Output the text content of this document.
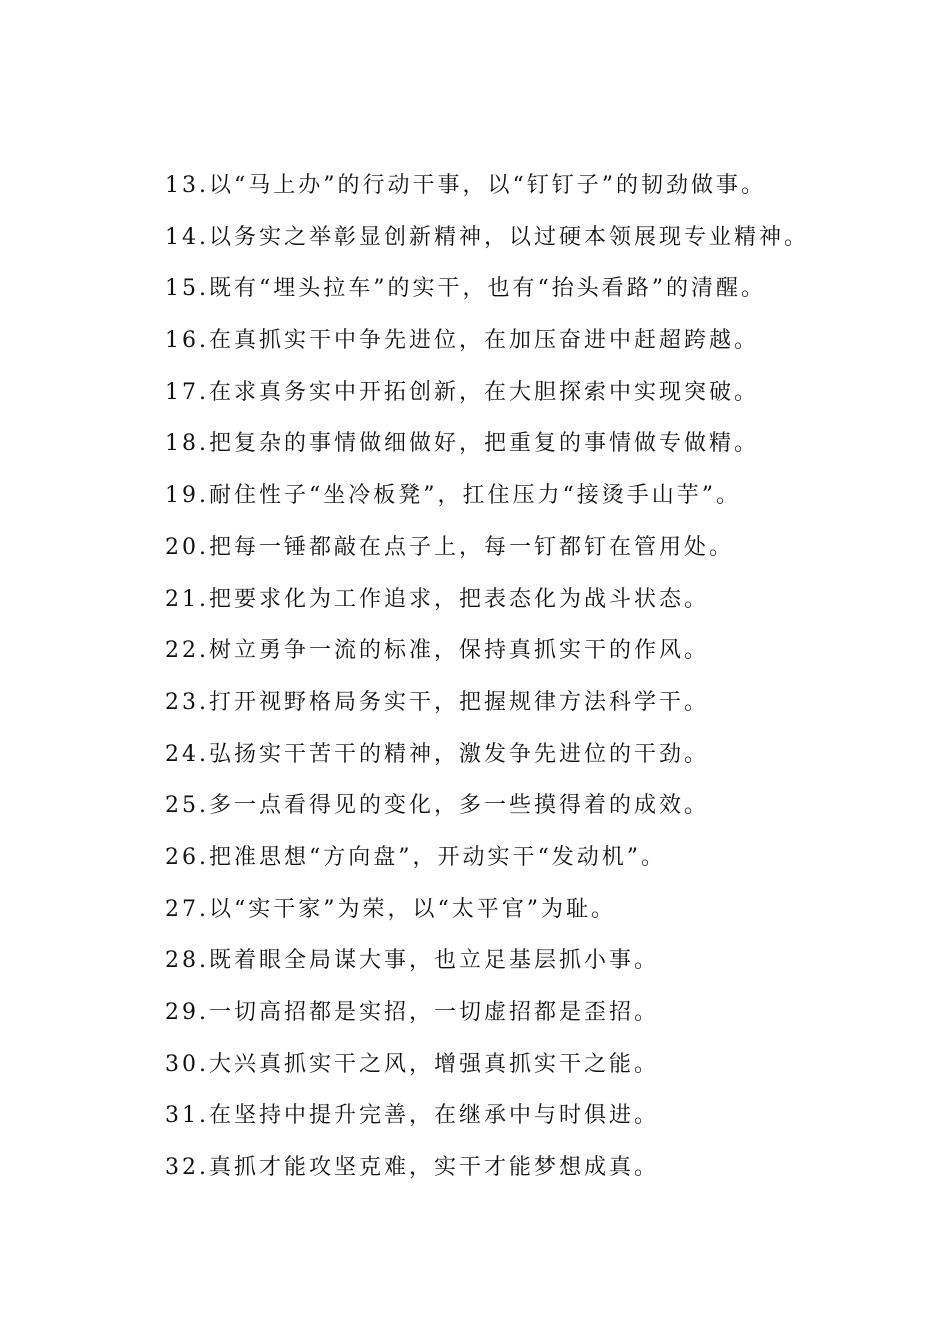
13.以“马上办”的行动干事，以“钉钉子”的韧劲做事。
14.以务实之举彰显创新精神，以过硬本领展现专业精神。
15.既有“埋头拉车”的实干，也有“抬头看路”的清醒。
16.在真抓实干中争先进位，在加压奋进中赶超跨越。
17.在求真务实中开拓创新，在大胆探索中实现突破。
18.把复杂的事情做细做好，把重复的事情做专做精。
19.耐住性子“坐冷板凳”，扛住压力“接烫手山芋”。
20.把每一锤都敲在点子上，每一钉都钉在管用处。
21.把要求化为工作追求，把表态化为战斗状态。
22.树立勇争一流的标准，保持真抓实干的作风。
23.打开视野格局务实干，把握规律方法科学干。
24.弘扬实干苦干的精神，激发争先进位的干劲。
25.多一点看得见的变化，多一些摸得着的成效。
26.把准思想“方向盘”，开动实干“发动机”。
27.以“实干家”为荣，以“太平官”为耻。
28.既着眼全局谋大事，也立足基层抓小事。
29.一切高招都是实招，一切虚招都是歪招。
30.大兴真抓实干之风，增强真抓实干之能。
31.在坚持中提升完善，在继承中与时俱进。
32.真抓才能攻坚克难，实干才能梦想成真。
